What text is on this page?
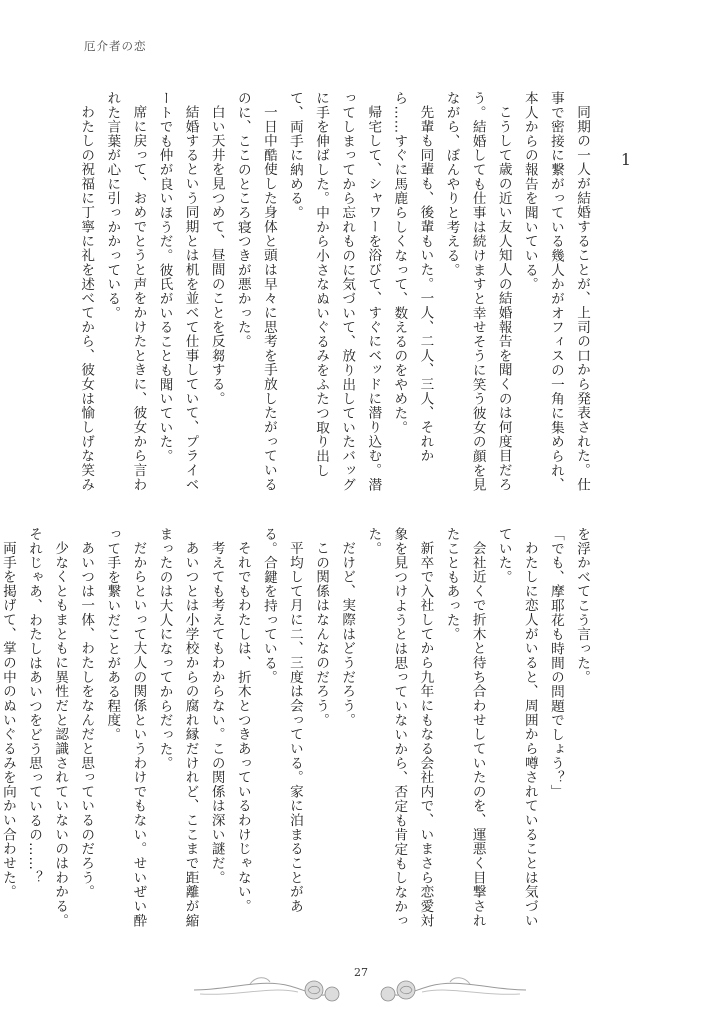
厄介者の恋
1

同期の一人が結婚することが、上司の口から発表された。仕事で密接に繋がっている幾人かがオフィスの一角に集められ、本人からの報告を聞いている。

こうして歳の近い友人知人の結婚報告を聞くのは何度目だろう。結婚しても仕事は続けますと幸せそうに笑う彼女の顔を見ながら、ぼんやりと考える。

先輩も同輩も、後輩もいた。一人、二人、三人、それから……すぐに馬鹿らしくなって、数えるのをやめた。

帰宅して、シャワーを浴びて、すぐにベッドに潜り込む。潜ってしまってから忘れものに気づいて、放り出していたバッグに手を伸ばした。中から小さなぬいぐるみをふたつ取り出して、両手に納める。

一日中酷使した身体と頭は早々に思考を手放したがっているのに、ここのところ寝つきが悪かった。

白い天井を見つめて、昼間のことを反芻する。

結婚するという同期とは机を並べて仕事していて、プライベートでも仲が良いほうだ。彼氏がいることも聞いていた。

席に戻って、おめでとうと声をかけたときに、彼女から言われた言葉が心に引っかかっている。

わたしの祝福に丁寧に礼を述べてから、彼女は愉しげな笑み

を浮かべてこう言った。

「でも、摩耶花も時間の問題でしょう？」

わたしに恋人がいると、周囲から噂されていることは気づいていた。

会社近くで折木と待ち合わせしていたのを、運悪く目撃されたこともあった。

新卒で入社してから九年にもなる会社内で、いまさら恋愛対象を見つけようとは思っていないから、否定も肯定もしなかった。

だけど、実際はどうだろう。

この関係はなんなのだろう。

平均して月に二、三度は会っている。家に泊まることがある。合鍵を持っている。

それでもわたしは、折木とつきあっているわけじゃない。

考えても考えてもわからない。この関係は深い謎だ。

あいつとは小学校からの腐れ縁だけれど、ここまで距離が縮まったのは大人になってからだった。

だからといって大人の関係というわけでもない。せいぜい酔って手を繋いだことがある程度。

あいつは一体、わたしをなんだと思っているのだろう。

少なくともまともに異性だと認識されていないのはわかる。それじゃあ、わたしはあいつをどう思っているの……？

両手を掲げて、掌の中のぬいぐるみを向かい合わせた。

27
